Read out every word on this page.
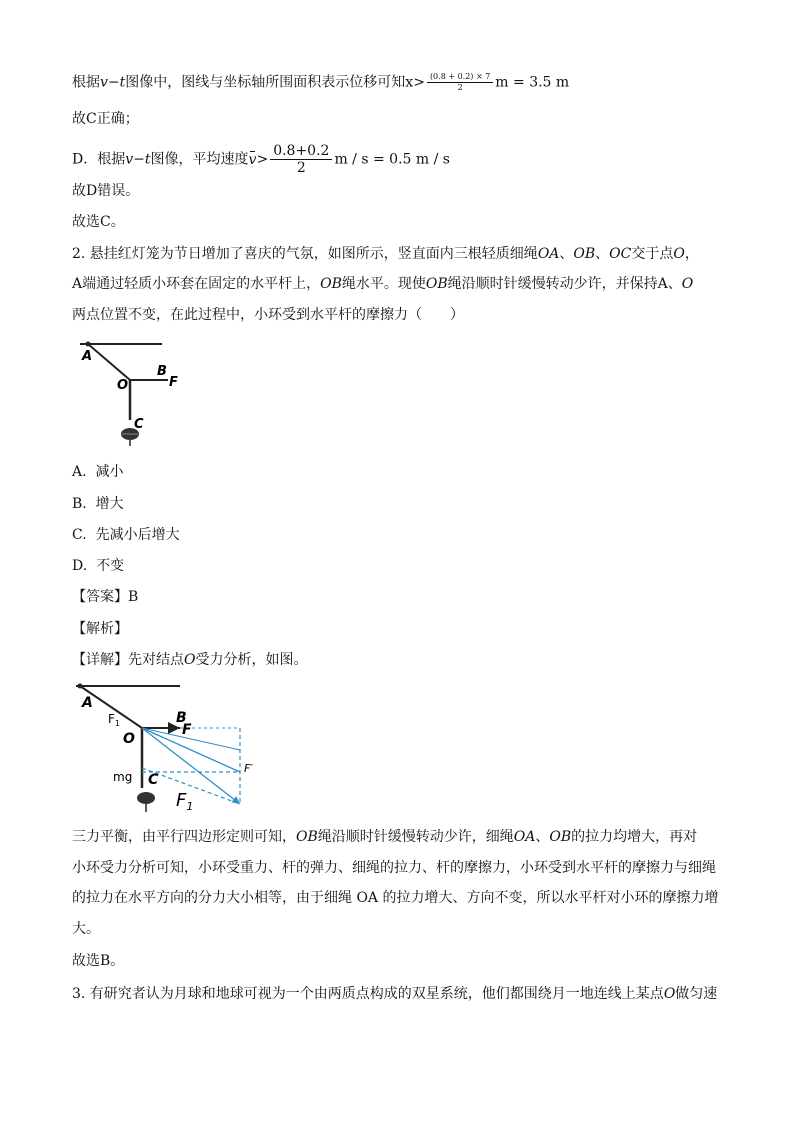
根据v−t图像中，图线与坐标轴所围面积表示位移可知$x> \frac{(0.8 + 0.2) \times 7}{2}$ m = 3.5 m
故C正确；
D．根据v−t图像，平均速度$v> \frac{0.8+0.2}{2}$ m / s = 0.5 m / s
故D错误。
故选C。
2. 悬挂红灯笼为节日增加了喜庆的气氛，如图所示，竖直面内三根轻质细绳OA、OB、OC交于点O，
A端通过轻质小环套在固定的水平杆上，OB绳水平。现使OB绳沿顺时针缓慢转动少许，并保持A、O
两点位置不变，在此过程中，小环受到水平杆的摩擦力（　　）
A
O
B
F
C
A. 减小
B. 增大
C. 先减小后增大
D. 不变
【答案】B
【解析】
【详解】先对结点O受力分析，如图。
A
$F_1$	B
F
O
mg C
F′
$F_1$
三力平衡，由平行四边形定则可知，OB绳沿顺时针缓慢转动少许，细绳OA、OB的拉力均增大，再对
小环受力分析可知，小环受重力、杆的弹力、细绳的拉力、杆的摩擦力，小环受到水平杆的摩擦力与细绳
的拉力在水平方向的分力大小相等，由于细绳 OA 的拉力增大、方向不变，所以水平杆对小环的摩擦力增
大。
故选B。
3. 有研究者认为月球和地球可视为一个由两质点构成的双星系统，他们都围绕月一地连线上某点O做匀速
